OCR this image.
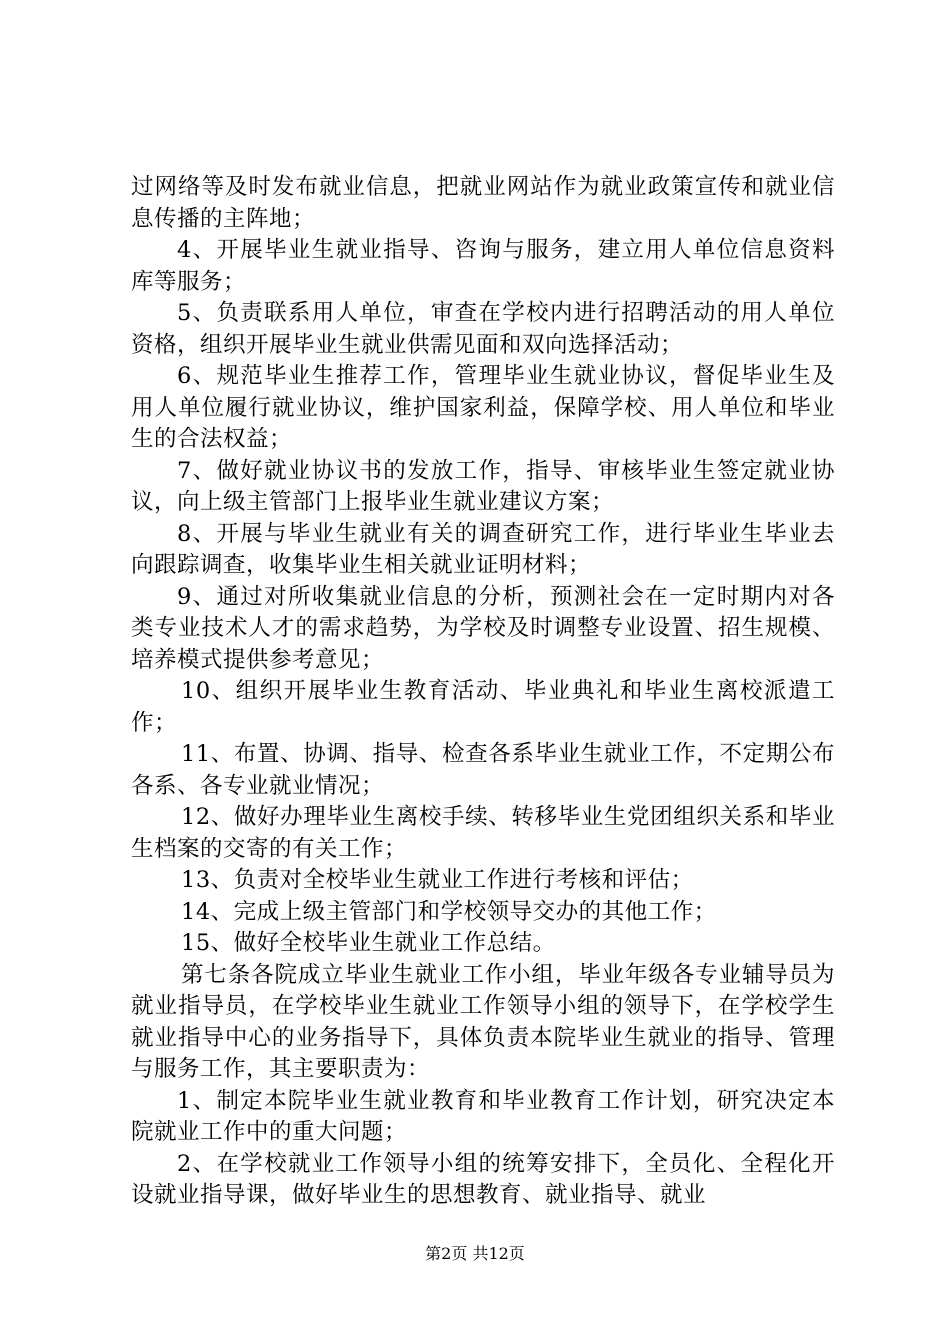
过网络等及时发布就业信息，把就业网站作为就业政策宣传和就业信息传播的主阵地；

4、开展毕业生就业指导、咨询与服务，建立用人单位信息资料库等服务；

5、负责联系用人单位，审查在学校内进行招聘活动的用人单位资格，组织开展毕业生就业供需见面和双向选择活动；

6、规范毕业生推荐工作，管理毕业生就业协议，督促毕业生及用人单位履行就业协议，维护国家利益，保障学校、用人单位和毕业生的合法权益；

7、做好就业协议书的发放工作，指导、审核毕业生签定就业协议，向上级主管部门上报毕业生就业建议方案；

8、开展与毕业生就业有关的调查研究工作，进行毕业生毕业去向跟踪调查，收集毕业生相关就业证明材料；

9、通过对所收集就业信息的分析，预测社会在一定时期内对各类专业技术人才的需求趋势，为学校及时调整专业设置、招生规模、培养模式提供参考意见；

10、组织开展毕业生教育活动、毕业典礼和毕业生离校派遣工作；

11、布置、协调、指导、检查各系毕业生就业工作，不定期公布各系、各专业就业情况；

12、做好办理毕业生离校手续、转移毕业生党团组织关系和毕业生档案的交寄的有关工作；

13、负责对全校毕业生就业工作进行考核和评估；

14、完成上级主管部门和学校领导交办的其他工作；

15、做好全校毕业生就业工作总结。

第七条各院成立毕业生就业工作小组，毕业年级各专业辅导员为就业指导员，在学校毕业生就业工作领导小组的领导下，在学校学生就业指导中心的业务指导下，具体负责本院毕业生就业的指导、管理与服务工作，其主要职责为：

1、制定本院毕业生就业教育和毕业教育工作计划，研究决定本院就业工作中的重大问题；

2、在学校就业工作领导小组的统筹安排下，全员化、全程化开设就业指导课，做好毕业生的思想教育、就业指导、就业

第2页 共12页
